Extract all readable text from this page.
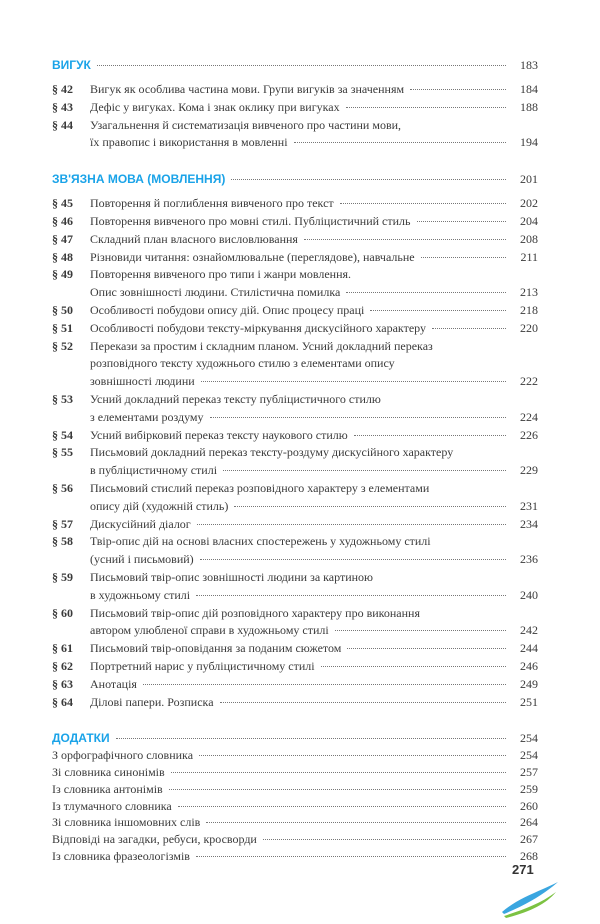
ВИГУК	183
§ 42	Вигук як особлива частина мови. Групи вигуків за значенням	184
§ 43	Дефіс у вигуках. Кома і знак оклику при вигуках	188
§ 44	Узагальнення й систематизація вивченого про частини мови,
їх правопис і використання в мовленні	194
ЗВ'ЯЗНА МОВА (МОВЛЕННЯ)	201
§ 45	Повторення й поглиблення вивченого про текст	202
§ 46	Повторення вивченого про мовні стилі. Публіцистичний стиль	204
§ 47	Складний план власного висловлювання	208
§ 48	Різновиди читання: ознайомлювальне (переглядове), навчальне	211
§ 49	Повторення вивченого про типи і жанри мовлення.
Опис зовнішності людини. Стилістична помилка	213
§ 50	Особливості побудови опису дій. Опис процесу праці	218
§ 51	Особливості побудови тексту-міркування дискусійного характеру	220
§ 52	Перекази за простим і складним планом. Усний докладний переказ
розповідного тексту художнього стилю з елементами опису
зовнішності людини	222
§ 53	Усний докладний переказ тексту публіцистичного стилю
з елементами роздуму	224
§ 54	Усний вибірковий переказ тексту наукового стилю	226
§ 55	Письмовий докладний переказ тексту-роздуму дискусійного характеру
в публіцистичному стилі	229
§ 56	Письмовий стислий переказ розповідного характеру з елементами
опису дій (художній стиль)	231
§ 57	Дискусійний діалог	234
§ 58	Твір-опис дій на основі власних спостережень у художньому стилі
(усний і письмовий)	236
§ 59	Письмовий твір-опис зовнішності людини за картиною
в художньому стилі	240
§ 60	Письмовий твір-опис дій розповідного характеру про виконання
автором улюбленої справи в художньому стилі	242
§ 61	Письмовий твір-оповідання за поданим сюжетом	244
§ 62	Портретний нарис у публіцистичному стилі	246
§ 63	Анотація	249
§ 64	Ділові папери. Розписка	251
ДОДАТКИ	254
З орфографічного словника	254
Зі словника синонімів	257
Із словника антонімів	259
Із тлумачного словника	260
Зі словника іншомовних слів	264
Відповіді на загадки, ребуси, кросворди	267
Із словника фразеологізмів	268
271
